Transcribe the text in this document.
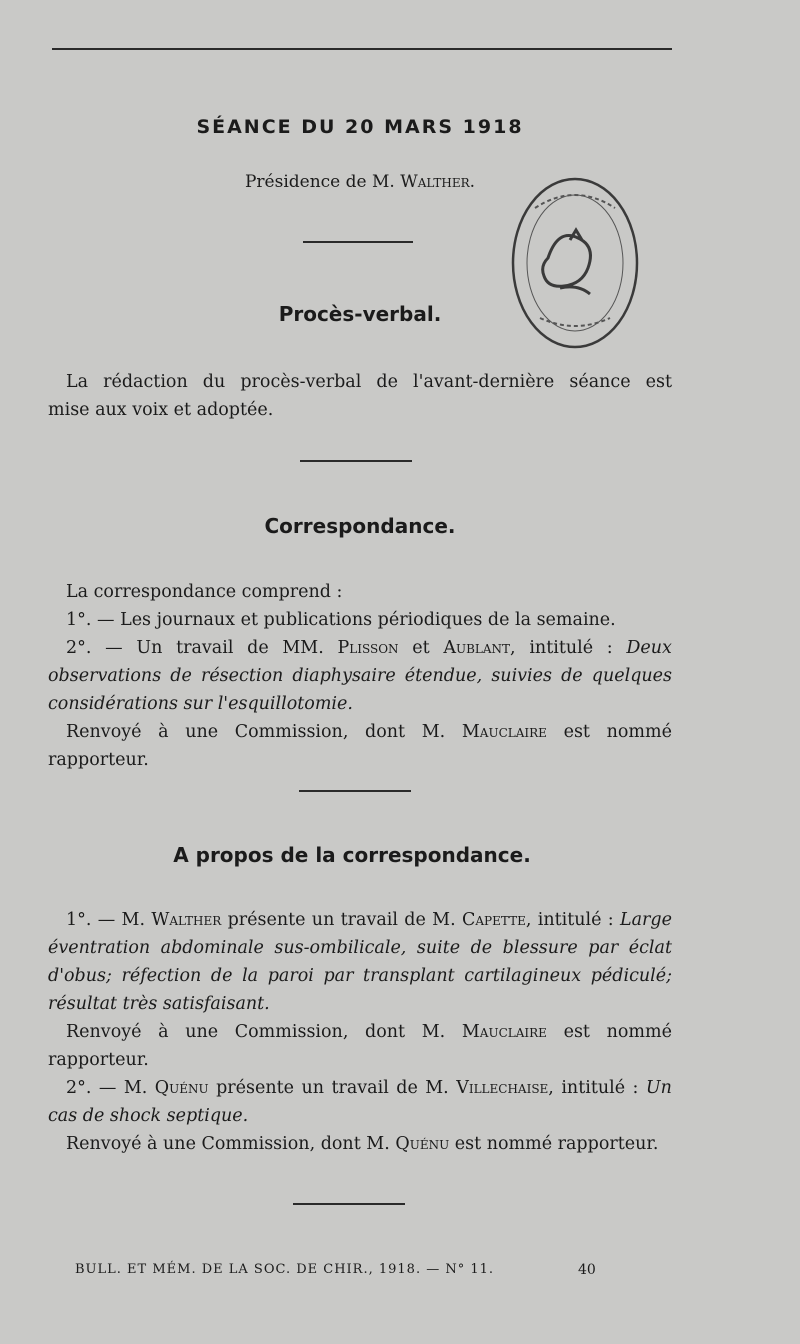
SÉANCE DU 20 MARS 1918
Présidence de M. Walther.
Procès-verbal.
La rédaction du procès-verbal de l'avant-dernière séance est
mise aux voix et adoptée.
Correspondance.
La correspondance comprend :
1°. — Les journaux et publications périodiques de la semaine.
2°. — Un travail de MM. Plisson et Aublant, intitulé : Deux observations de résection diaphysaire étendue, suivies de quelques considérations sur l'esquillotomie.
Renvoyé à une Commission, dont M. Mauclaire est nommé rapporteur.
A propos de la correspondance.
1°. — M. Walther présente un travail de M. Capette, intitulé : Large éventration abdominale sus-ombilicale, suite de blessure par éclat d'obus; réfection de la paroi par transplant cartilagineux pédiculé; résultat très satisfaisant.
Renvoyé à une Commission, dont M. Mauclaire est nommé rapporteur.
2°. — M. Quénu présente un travail de M. Villechaise, intitulé : Un cas de shock septique.
Renvoyé à une Commission, dont M. Quénu est nommé rapporteur.
BULL. ET MÉM. DE LA SOC. DE CHIR., 1918. — N° 11.	40
